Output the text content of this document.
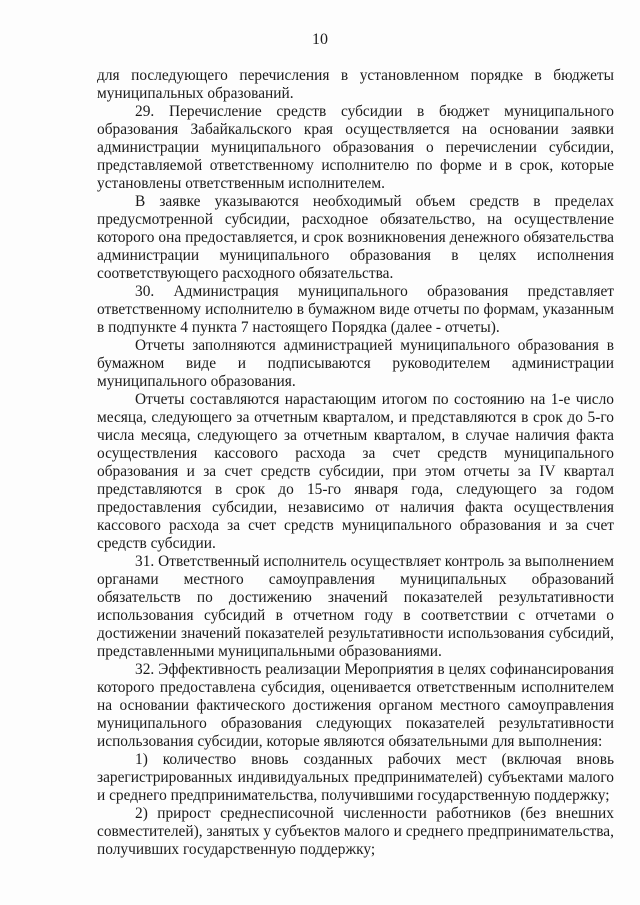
10

для последующего перечисления в установленном порядке в бюджеты муниципальных образований.

29. Перечисление средств субсидии в бюджет муниципального образования Забайкальского края осуществляется на основании заявки администрации муниципального образования о перечислении субсидии, представляемой ответственному исполнителю по форме и в срок, которые установлены ответственным исполнителем.

В заявке указываются необходимый объем средств в пределах предусмотренной субсидии, расходное обязательство, на осуществление которого она предоставляется, и срок возникновения денежного обязательства администрации муниципального образования в целях исполнения соответствующего расходного обязательства.

30. Администрация муниципального образования представляет ответственному исполнителю в бумажном виде отчеты по формам, указанным в подпункте 4 пункта 7 настоящего Порядка (далее - отчеты).

Отчеты заполняются администрацией муниципального образования в бумажном виде и подписываются руководителем администрации муниципального образования.

Отчеты составляются нарастающим итогом по состоянию на 1-е число месяца, следующего за отчетным кварталом, и представляются в срок до 5-го числа месяца, следующего за отчетным кварталом, в случае наличия факта осуществления кассового расхода за счет средств муниципального образования и за счет средств субсидии, при этом отчеты за IV квартал представляются в срок до 15-го января года, следующего за годом предоставления субсидии, независимо от наличия факта осуществления кассового расхода за счет средств муниципального образования и за счет средств субсидии.

31. Ответственный исполнитель осуществляет контроль за выполнением органами местного самоуправления муниципальных образований обязательств по достижению значений показателей результативности использования субсидий в отчетном году в соответствии с отчетами о достижении значений показателей результативности использования субсидий, представленными муниципальными образованиями.

32. Эффективность реализации Мероприятия в целях софинансирования которого предоставлена субсидия, оценивается ответственным исполнителем на основании фактического достижения органом местного самоуправления муниципального образования следующих показателей результативности использования субсидии, которые являются обязательными для выполнения:

1) количество вновь созданных рабочих мест (включая вновь зарегистрированных индивидуальных предпринимателей) субъектами малого и среднего предпринимательства, получившими государственную поддержку;

2) прирост среднесписочной численности работников (без внешних совместителей), занятых у субъектов малого и среднего предпринимательства, получивших государственную поддержку;
